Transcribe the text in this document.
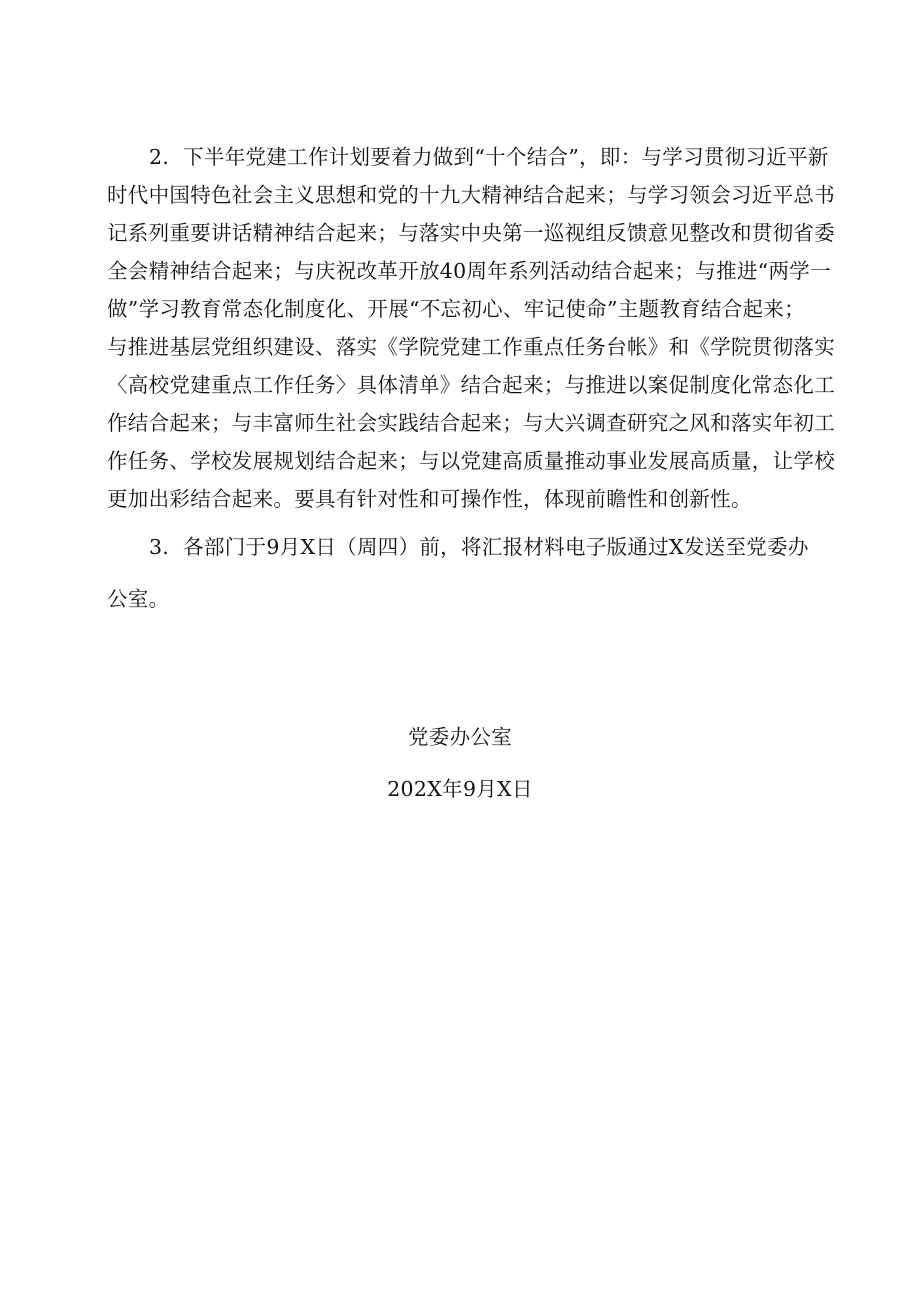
2．下半年党建工作计划要着力做到“十个结合”，即：与学习贯彻习近平新
时代中国特色社会主义思想和党的十九大精神结合起来；与学习领会习近平总书
记系列重要讲话精神结合起来；与落实中央第一巡视组反馈意见整改和贯彻省委
全会精神结合起来；与庆祝改革开放40周年系列活动结合起来；与推进“两学一
做”学习教育常态化制度化、开展“不忘初心、牢记使命”主题教育结合起来；
与推进基层党组织建设、落实《学院党建工作重点任务台帐》和《学院贯彻落实
〈高校党建重点工作任务〉具体清单》结合起来；与推进以案促制度化常态化工
作结合起来；与丰富师生社会实践结合起来；与大兴调查研究之风和落实年初工
作任务、学校发展规划结合起来；与以党建高质量推动事业发展高质量，让学校
更加出彩结合起来。要具有针对性和可操作性，体现前瞻性和创新性。

3．各部门于9月X日（周四）前，将汇报材料电子版通过X发送至党委办
公室。

党委办公室
202X年9月X日
